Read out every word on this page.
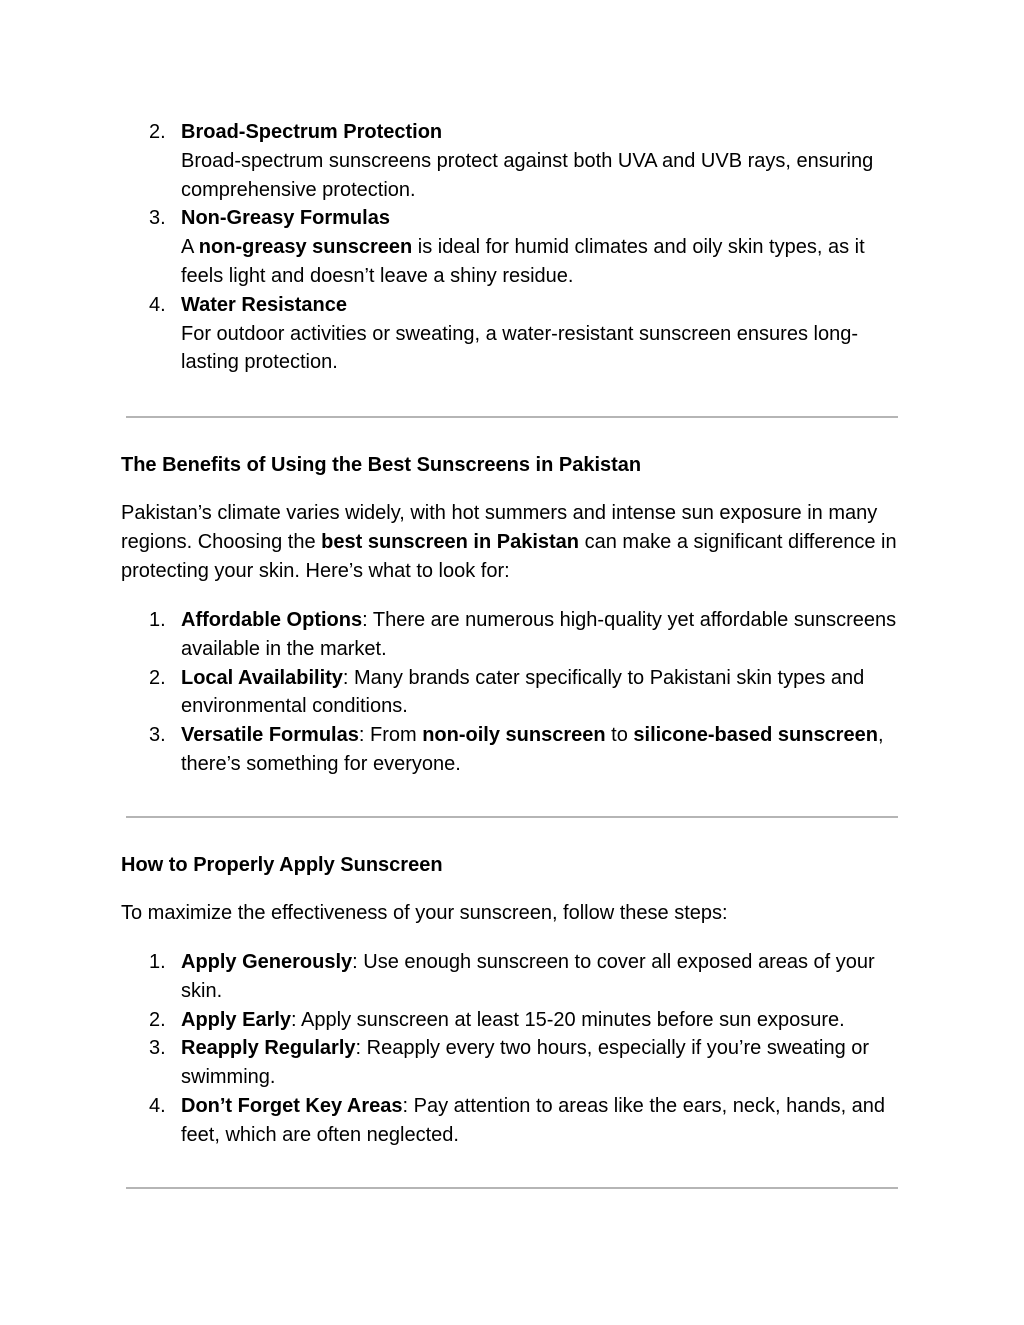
2. Broad-Spectrum Protection
Broad-spectrum sunscreens protect against both UVA and UVB rays, ensuring comprehensive protection.
3. Non-Greasy Formulas
A non-greasy sunscreen is ideal for humid climates and oily skin types, as it feels light and doesn’t leave a shiny residue.
4. Water Resistance
For outdoor activities or sweating, a water-resistant sunscreen ensures long-lasting protection.
The Benefits of Using the Best Sunscreens in Pakistan
Pakistan’s climate varies widely, with hot summers and intense sun exposure in many regions. Choosing the best sunscreen in Pakistan can make a significant difference in protecting your skin. Here’s what to look for:
1. Affordable Options: There are numerous high-quality yet affordable sunscreens available in the market.
2. Local Availability: Many brands cater specifically to Pakistani skin types and environmental conditions.
3. Versatile Formulas: From non-oily sunscreen to silicone-based sunscreen, there’s something for everyone.
How to Properly Apply Sunscreen
To maximize the effectiveness of your sunscreen, follow these steps:
1. Apply Generously: Use enough sunscreen to cover all exposed areas of your skin.
2. Apply Early: Apply sunscreen at least 15-20 minutes before sun exposure.
3. Reapply Regularly: Reapply every two hours, especially if you’re sweating or swimming.
4. Don’t Forget Key Areas: Pay attention to areas like the ears, neck, hands, and feet, which are often neglected.
